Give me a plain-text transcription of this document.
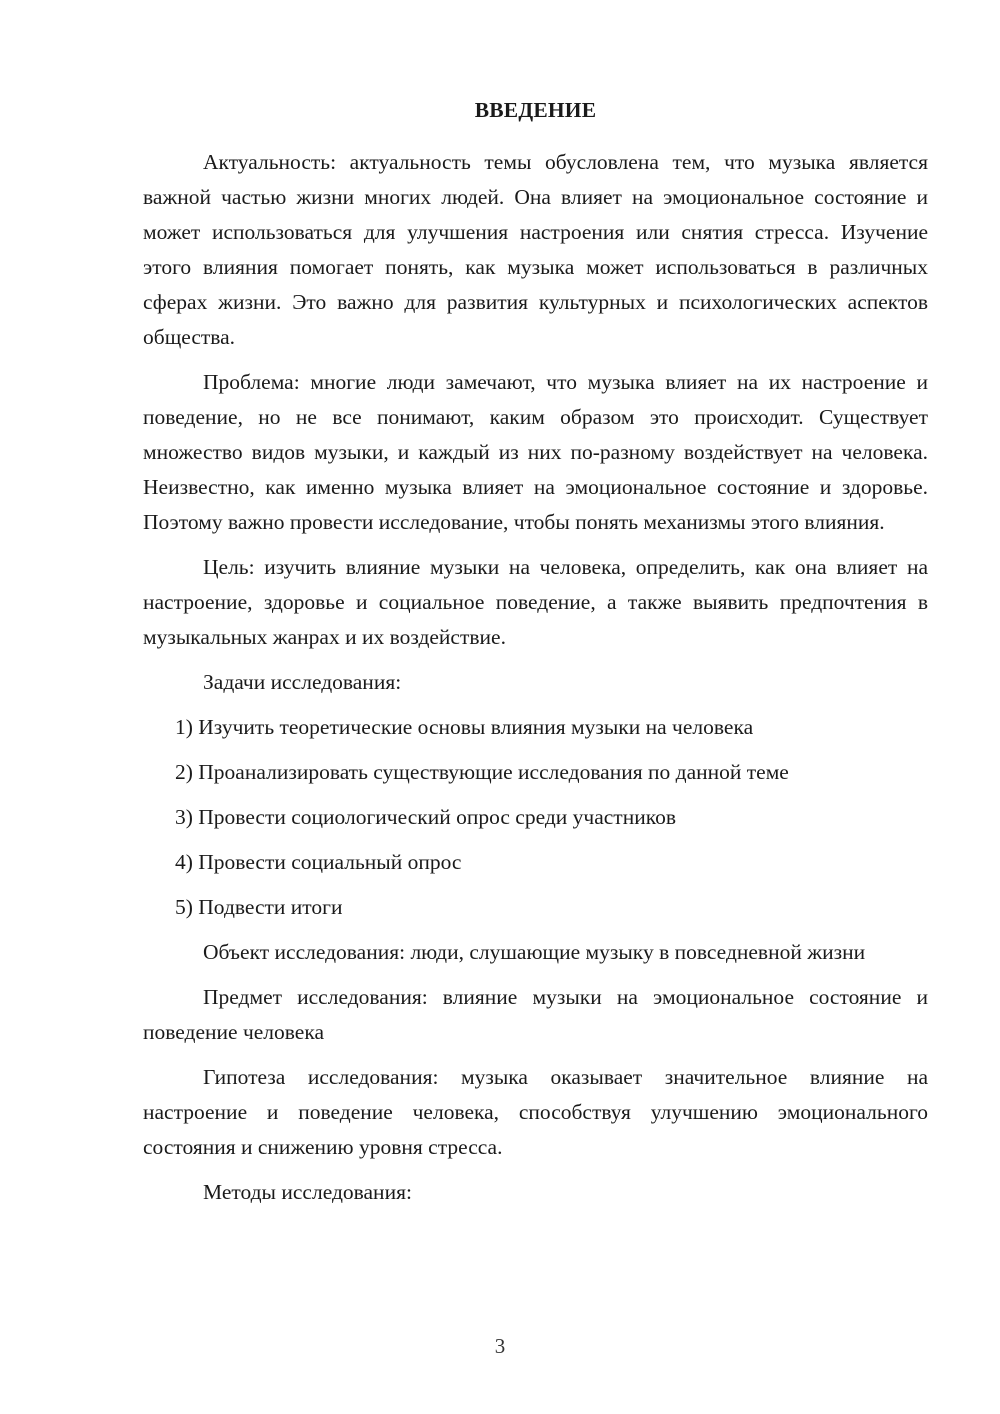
ВВЕДЕНИЕ

Актуальность: актуальность темы обусловлена тем, что музыка является важной частью жизни многих людей. Она влияет на эмоциональное состояние и может использоваться для улучшения настроения или снятия стресса. Изучение этого влияния помогает понять, как музыка может использоваться в различных сферах жизни. Это важно для развития культурных и психологических аспектов общества.

Проблема: многие люди замечают, что музыка влияет на их настроение и поведение, но не все понимают, каким образом это происходит. Существует множество видов музыки, и каждый из них по-разному воздействует на человека. Неизвестно, как именно музыка влияет на эмоциональное состояние и здоровье. Поэтому важно провести исследование, чтобы понять механизмы этого влияния.

Цель: изучить влияние музыки на человека, определить, как она влияет на настроение, здоровье и социальное поведение, а также выявить предпочтения в музыкальных жанрах и их воздействие.

Задачи исследования:

1) Изучить теоретические основы влияния музыки на человека
2) Проанализировать существующие исследования по данной теме
3) Провести социологический опрос среди участников
4) Провести социальный опрос
5) Подвести итоги

Объект исследования: люди, слушающие музыку в повседневной жизни

Предмет исследования: влияние музыки на эмоциональное состояние и поведение человека

Гипотеза исследования: музыка оказывает значительное влияние на настроение и поведение человека, способствуя улучшению эмоционального состояния и снижению уровня стресса.

Методы исследования:

3
